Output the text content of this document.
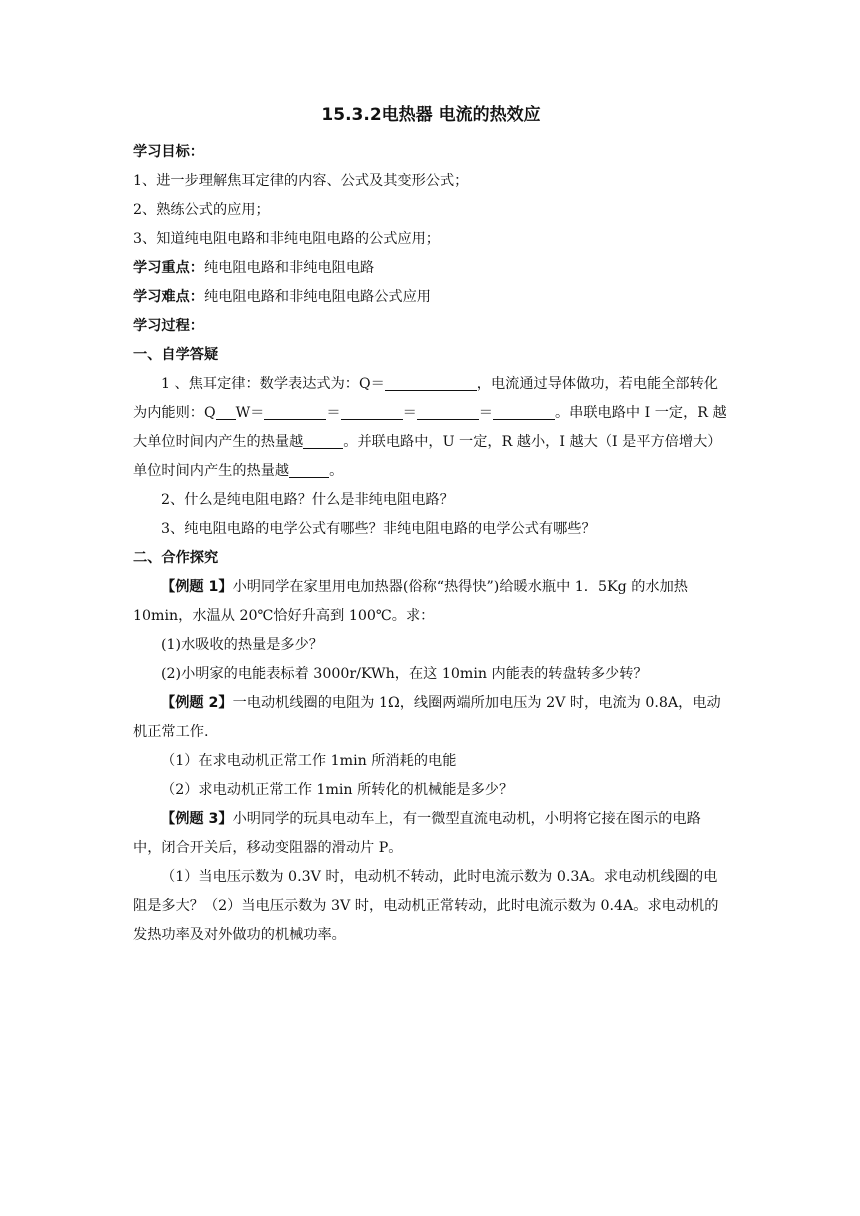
15.3.2电热器 电流的热效应

学习目标：

1、进一步理解焦耳定律的内容、公式及其变形公式；

2、熟练公式的应用；

3、知道纯电阻电路和非纯电阻电路的公式应用；

学习重点：纯电阻电路和非纯电阻电路

学习难点：纯电阻电路和非纯电阻电路公式应用

学习过程：

一、自学答疑

1 、焦耳定律：数学表达式为：Q＝	，电流通过导体做功，若电能全部转化为内能则：Q W＝	＝	＝	＝	。串联电路中 I 一定，R 越大单位时间内产生的热量越	。并联电路中，U 一定，R 越小，I 越大（I 是平方倍增大）单位时间内产生的热量越	。

2、什么是纯电阻电路？什么是非纯电阻电路？

3、纯电阻电路的电学公式有哪些？非纯电阻电路的电学公式有哪些？

二、合作探究

【例题 1】小明同学在家里用电加热器(俗称“热得快”)给暖水瓶中 1．5Kg 的水加热 10min，水温从 20℃恰好升高到 100℃。求：

(1)水吸收的热量是多少？

(2)小明家的电能表标着 3000r/KWh，在这 10min 内能表的转盘转多少转？

【例题 2】一电动机线圈的电阻为 1Ω，线圈两端所加电压为 2V 时，电流为 0.8A，电动机正常工作.

（1）在求电动机正常工作 1min 所消耗的电能

（2）求电动机正常工作 1min 所转化的机械能是多少？

【例题 3】小明同学的玩具电动车上，有一微型直流电动机，小明将它接在图示的电路中，闭合开关后，移动变阻器的滑动片 P。

（1）当电压示数为 0.3V 时，电动机不转动，此时电流示数为 0.3A。求电动机线圈的电阻是多大？（2）当电压示数为 3V 时，电动机正常转动，此时电流示数为 0.4A。求电动机的发热功率及对外做功的机械功率。
